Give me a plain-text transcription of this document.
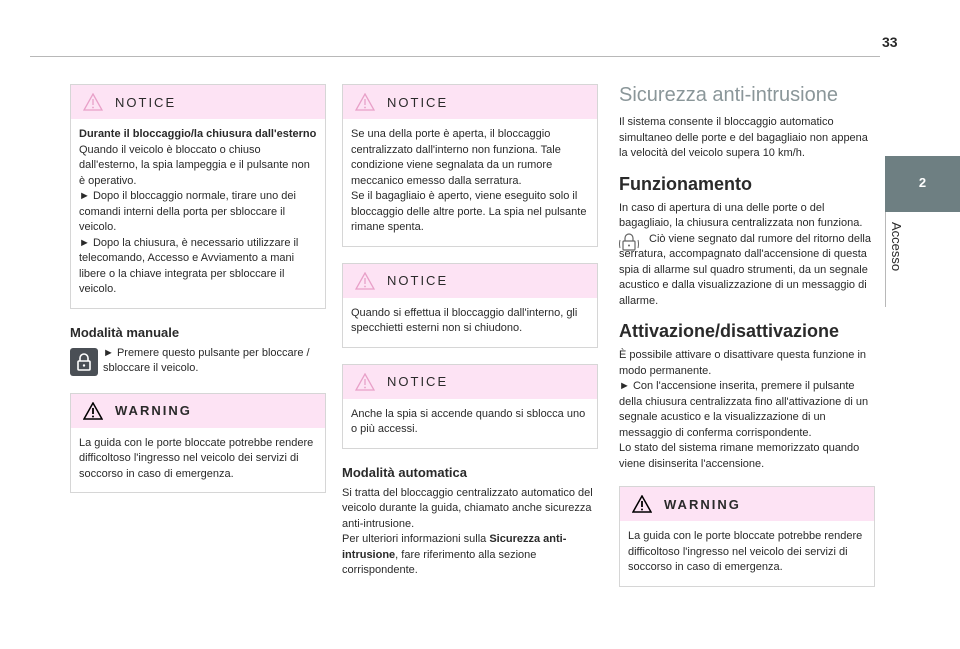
33
2
Accesso
NOTICE

Durante il bloccaggio/la chiusura dall'esterno

Quando il veicolo è bloccato o chiuso dall'esterno, la spia lampeggia e il pulsante non è operativo.

► Dopo il bloccaggio normale, tirare uno dei comandi interni della porta per sbloccare il veicolo.

► Dopo la chiusura, è necessario utilizzare il telecomando, Accesso e Avviamento a mani libere o la chiave integrata per sbloccare il veicolo.

Modalità manuale

► Premere questo pulsante per bloccare / sbloccare il veicolo.

WARNING

La guida con le porte bloccate potrebbe rendere difficoltoso l'ingresso nel veicolo dei servizi di soccorso in caso di emergenza.

NOTICE

Se una della porte è aperta, il bloccaggio centralizzato dall'interno non funziona. Tale condizione viene segnalata da un rumore meccanico emesso dalla serratura.

Se il bagagliaio è aperto, viene eseguito solo il bloccaggio delle altre porte. La spia nel pulsante rimane spenta.

NOTICE

Quando si effettua il bloccaggio dall'interno, gli specchietti esterni non si chiudono.

NOTICE

Anche la spia si accende quando si sblocca uno o più accessi.

Modalità automatica

Si tratta del bloccaggio centralizzato automatico del veicolo durante la guida, chiamato anche sicurezza anti-intrusione.

Per ulteriori informazioni sulla Sicurezza anti-intrusione, fare riferimento alla sezione corrispondente.

Sicurezza anti-intrusione

Il sistema consente il bloccaggio automatico simultaneo delle porte e del bagagliaio non appena la velocità del veicolo supera 10 km/h.

Funzionamento

In caso di apertura di una delle porte o del bagagliaio, la chiusura centralizzata non funziona.

Ciò viene segnato dal rumore del ritorno della serratura, accompagnato dall'accensione di questa spia di allarme sul quadro strumenti, da un segnale acustico e dalla visualizzazione di un messaggio di allarme.

Attivazione/disattivazione

È possibile attivare o disattivare questa funzione in modo permanente.

► Con l'accensione inserita, premere il pulsante della chiusura centralizzata fino all'attivazione di un segnale acustico e la visualizzazione di un messaggio di conferma corrispondente.

Lo stato del sistema rimane memorizzato quando viene disinserita l'accensione.

WARNING

La guida con le porte bloccate potrebbe rendere difficoltoso l'ingresso nel veicolo dei servizi di soccorso in caso di emergenza.
